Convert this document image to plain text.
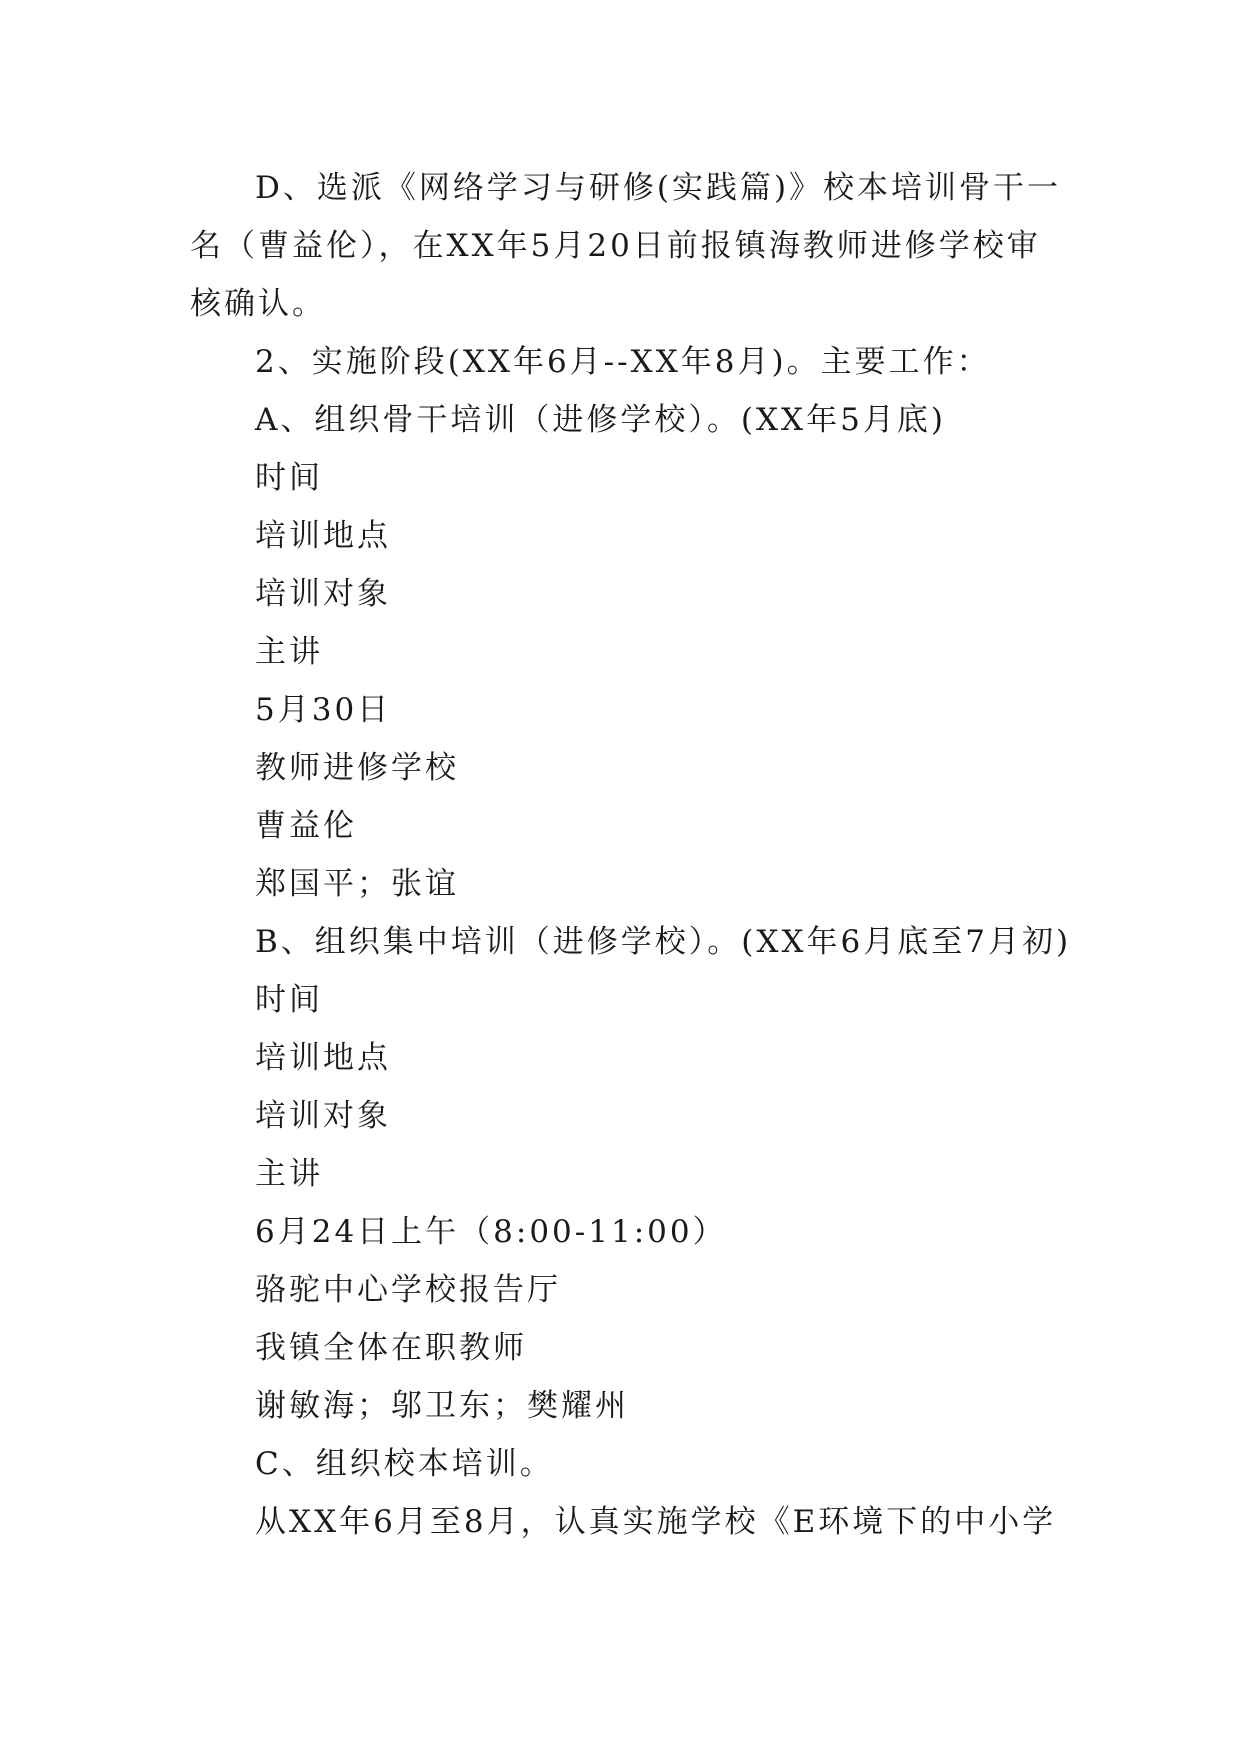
D、选派《网络学习与研修(实践篇)》校本培训骨干一
名（曹益伦），在XX年5月20日前报镇海教师进修学校审
核确认。
2、实施阶段(XX年6月--XX年8月)。主要工作：
A、组织骨干培训（进修学校）。(XX年5月底)
时间
培训地点
培训对象
主讲
5月30日
教师进修学校
曹益伦
郑国平；张谊
B、组织集中培训（进修学校）。(XX年6月底至7月初)
时间
培训地点
培训对象
主讲
6月24日上午（8:00-11:00）
骆驼中心学校报告厅
我镇全体在职教师
谢敏海；邬卫东；樊耀州
C、组织校本培训。
从XX年6月至8月，认真实施学校《E环境下的中小学
